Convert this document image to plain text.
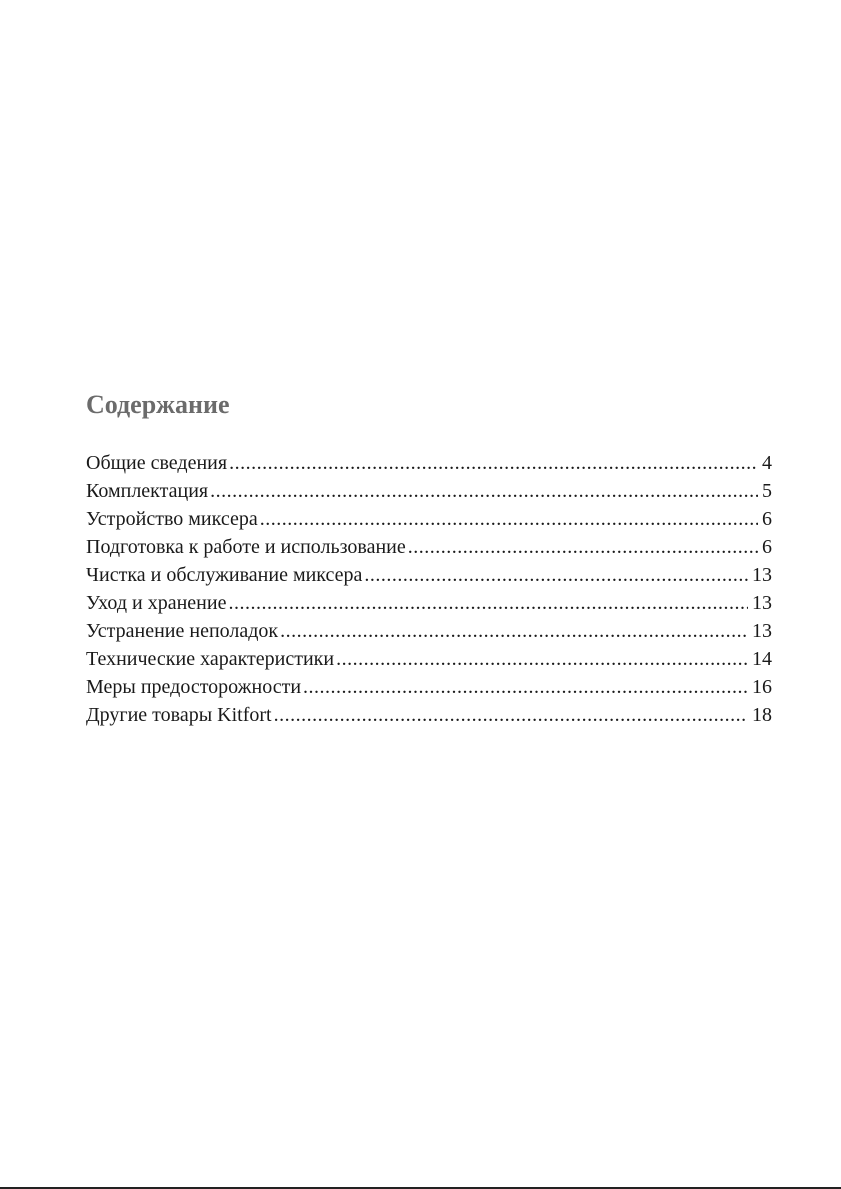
Содержание
Общие сведения .....	4
Комплектация .....	5
Устройство миксера .....	6
Подготовка к работе и использование .....	6
Чистка и обслуживание миксера .....	13
Уход и хранение .....	13
Устранение неполадок .....	13
Технические характеристики .....	14
Меры предосторожности .....	16
Другие товары Kitfort .....	18
